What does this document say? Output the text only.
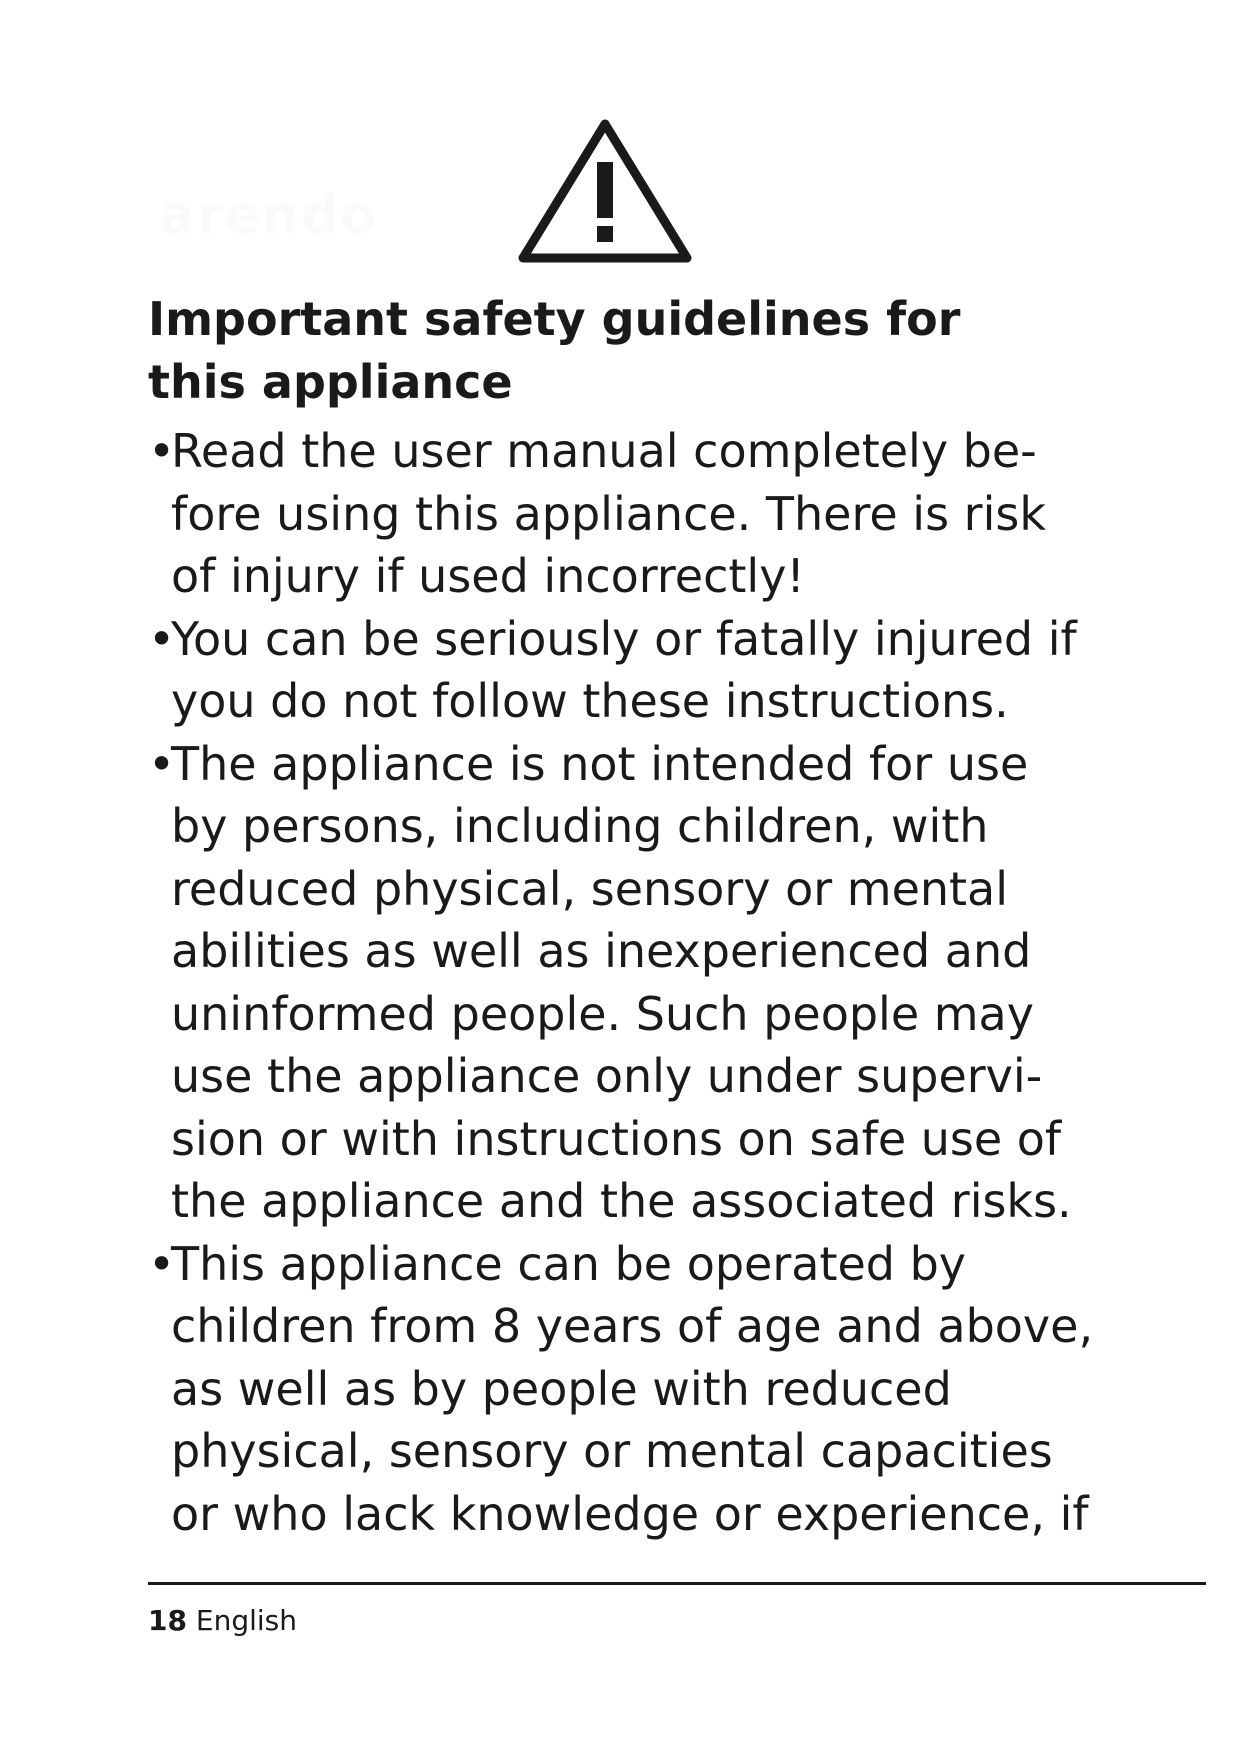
arendo
Important safety guidelines for this appliance
• Read the user manual completely be-
fore using this appliance. There is risk
of injury if used incorrectly!
• You can be seriously or fatally injured if
you do not follow these instructions.
• The appliance is not intended for use
by persons, including children, with
reduced physical, sensory or mental
abilities as well as inexperienced and
uninformed people. Such people may
use the appliance only under supervi-
sion or with instructions on safe use of
the appliance and the associated risks.
• This appliance can be operated by
children from 8 years of age and above,
as well as by people with reduced
physical, sensory or mental capacities
or who lack knowledge or experience, if
18 English
